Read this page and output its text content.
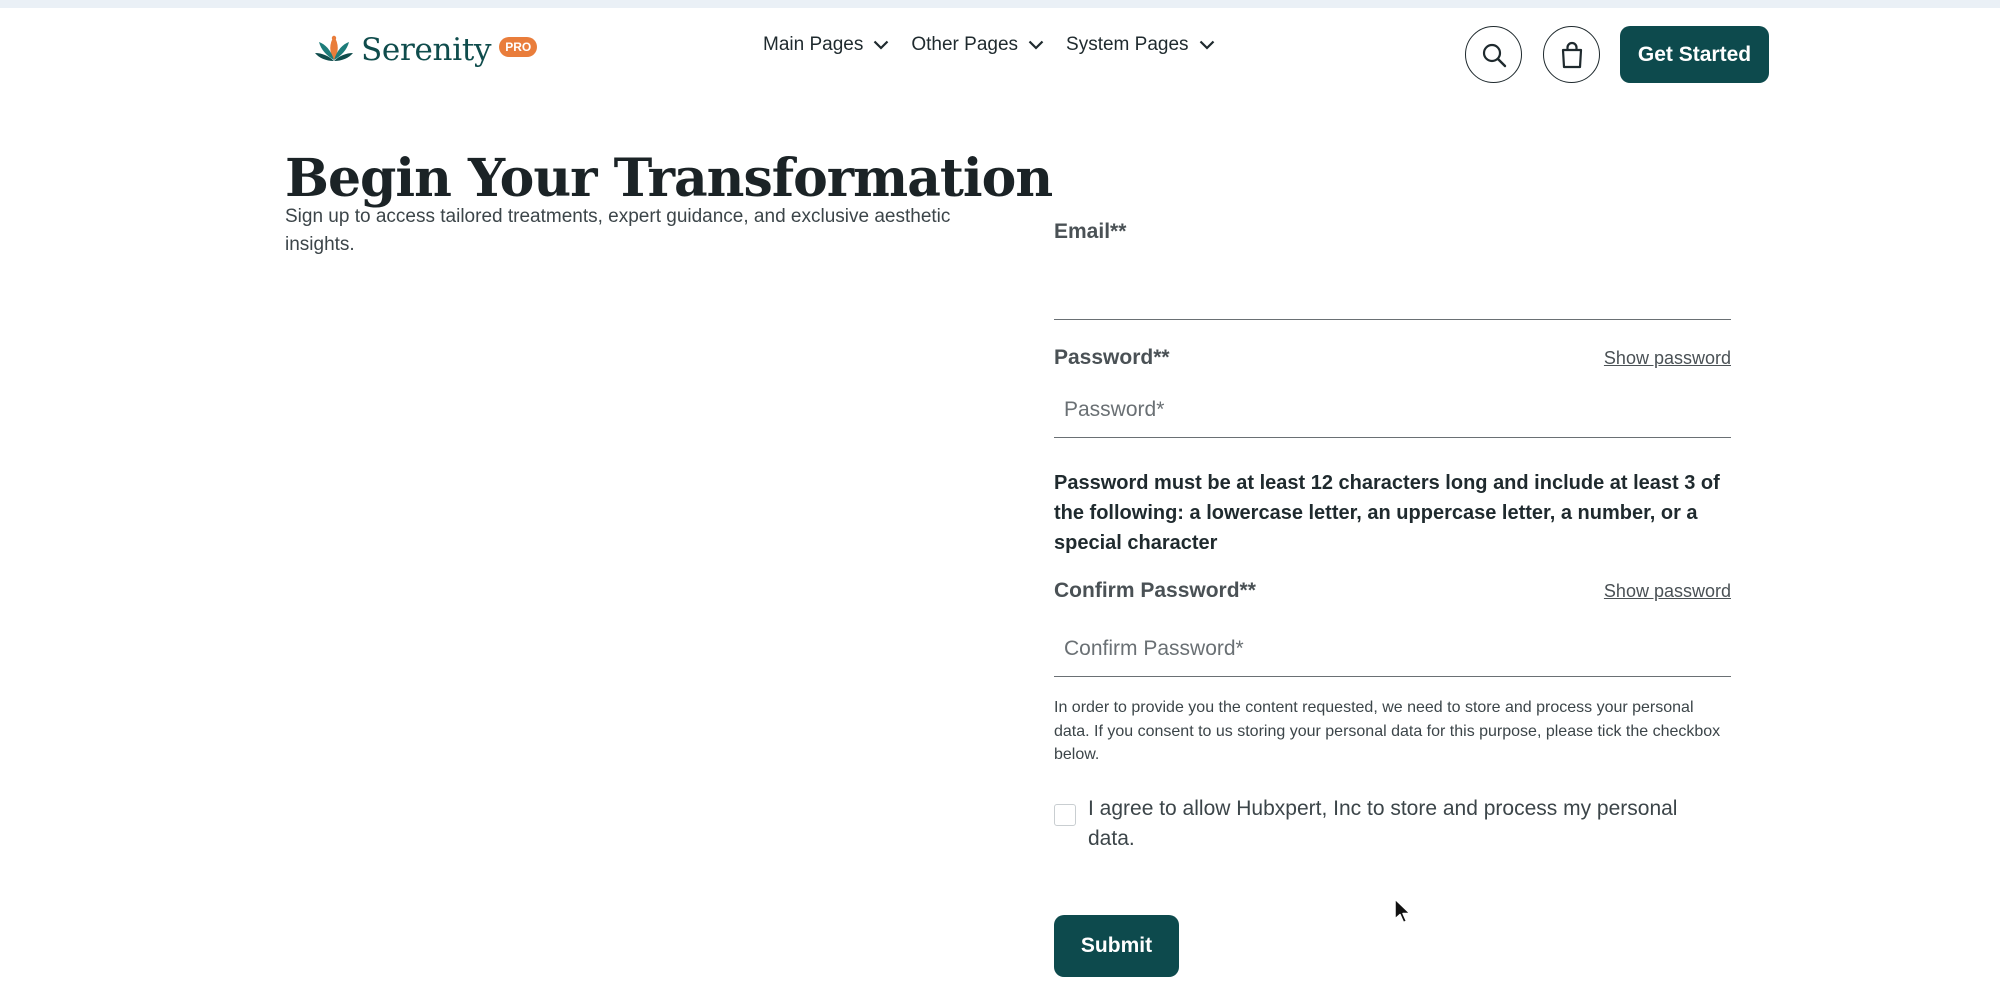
Serenity	PRO	Main Pages	Other Pages	System Pages	Get Started
Begin Your Transformation

Sign up to access tailored treatments, expert guidance, and exclusive aesthetic insights.

Email**
Password**	Show password

Password must be at least 12 characters long and include at least 3 of the following: a lowercase letter, an uppercase letter, a number, or a special character

Confirm Password**	Show password

In order to provide you the content requested, we need to store and process your personal data. If you consent to us storing your personal data for this purpose, please tick the checkbox below.

I agree to allow Hubxpert, Inc to store and process my personal data.
Submit
